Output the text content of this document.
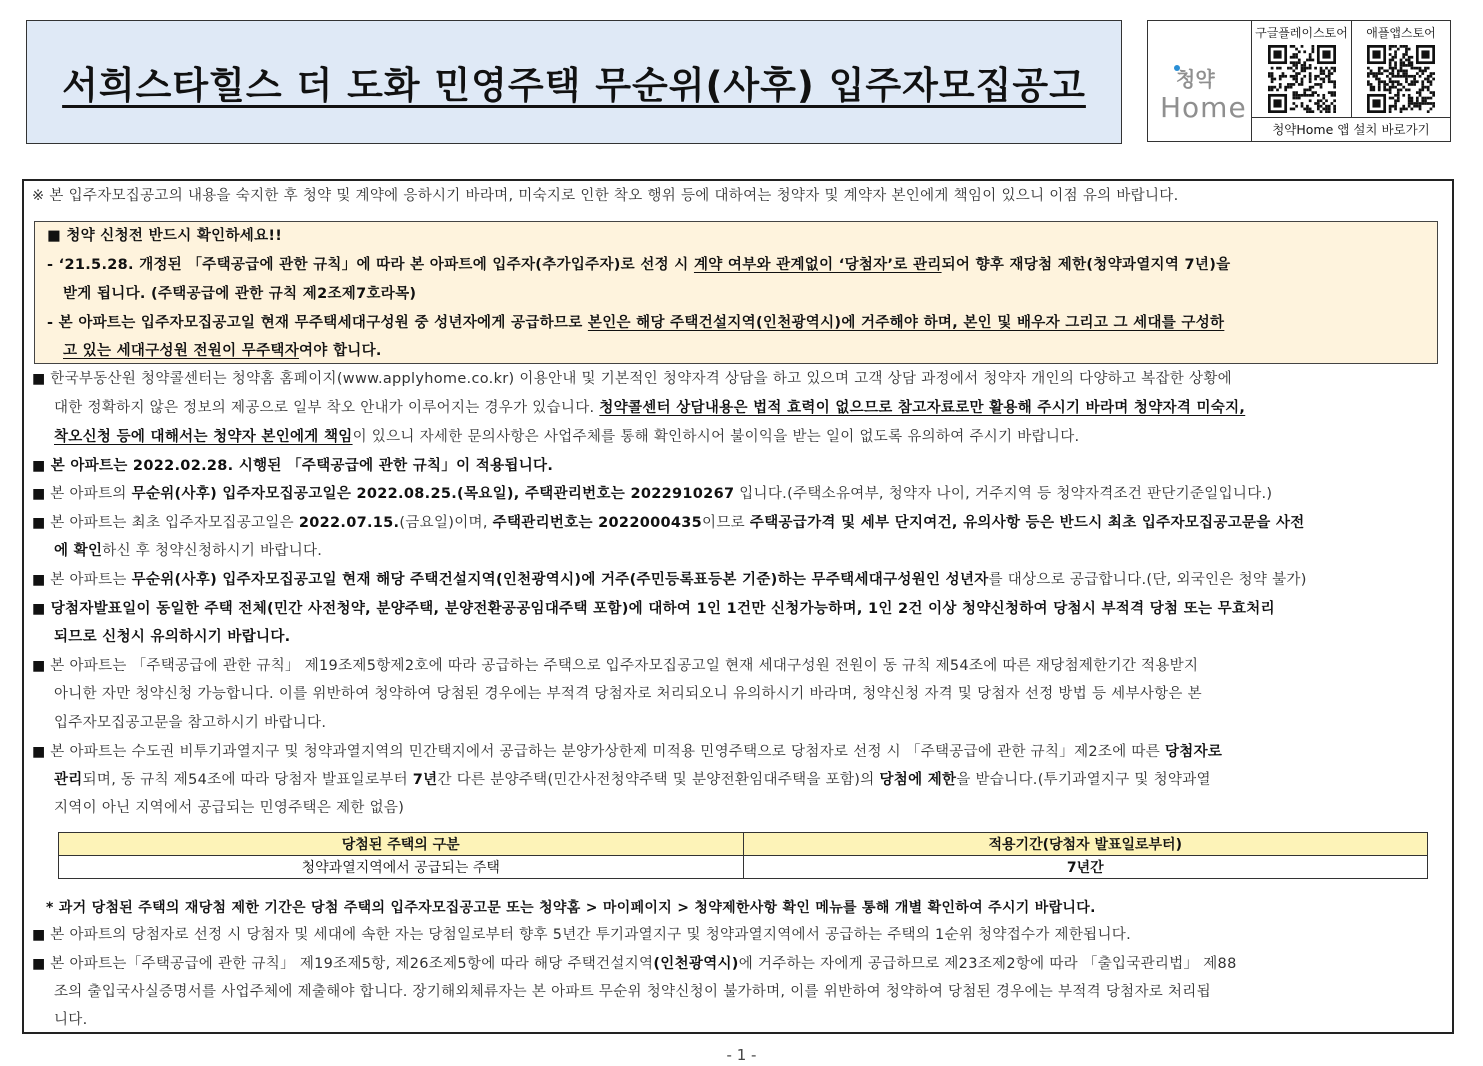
서희스타힐스 더 도화 민영주택 무순위(사후) 입주자모집공고	청약
Home
구글플레이스토어	애플앱스토어
청약Home 앱 설치 바로가기
※ 본 입주자모집공고의 내용을 숙지한 후 청약 및 계약에 응하시기 바라며, 미숙지로 인한 착오 행위 등에 대하여는 청약자 및 계약자 본인에게 책임이 있으니 이점 유의 바랍니다.
■ 청약 신청전 반드시 확인하세요!!
- ‘21.5.28. 개정된 「주택공급에 관한 규칙」에 따라 본 아파트에 입주자(추가입주자)로 선정 시 계약 여부와 관계없이 ‘당첨자’로 관리되어 향후 재당첨 제한(청약과열지역 7년)을
받게 됩니다. (주택공급에 관한 규칙 제2조제7호라목)
- 본 아파트는 입주자모집공고일 현재 무주택세대구성원 중 성년자에게 공급하므로 본인은 해당 주택건설지역(인천광역시)에 거주해야 하며, 본인 및 배우자 그리고 그 세대를 구성하
고 있는 세대구성원 전원이 무주택자여야 합니다.
■ 한국부동산원 청약콜센터는 청약홈 홈페이지(www.applyhome.co.kr) 이용안내 및 기본적인 청약자격 상담을 하고 있으며 고객 상담 과정에서 청약자 개인의 다양하고 복잡한 상황에
대한 정확하지 않은 정보의 제공으로 일부 착오 안내가 이루어지는 경우가 있습니다. 청약콜센터 상담내용은 법적 효력이 없으므로 참고자료로만 활용해 주시기 바라며 청약자격 미숙지,
착오신청 등에 대해서는 청약자 본인에게 책임이 있으니 자세한 문의사항은 사업주체를 통해 확인하시어 불이익을 받는 일이 없도록 유의하여 주시기 바랍니다.
■ 본 아파트는 2022.02.28. 시행된 「주택공급에 관한 규칙」이 적용됩니다.
■ 본 아파트의 무순위(사후) 입주자모집공고일은 2022.08.25.(목요일), 주택관리번호는 2022910267 입니다.(주택소유여부, 청약자 나이, 거주지역 등 청약자격조건 판단기준일입니다.)
■ 본 아파트는 최초 입주자모집공고일은 2022.07.15.(금요일)이며, 주택관리번호는 2022000435이므로 주택공급가격 및 세부 단지여건, 유의사항 등은 반드시 최초 입주자모집공고문을 사전
에 확인하신 후 청약신청하시기 바랍니다.
■ 본 아파트는 무순위(사후) 입주자모집공고일 현재 해당 주택건설지역(인천광역시)에 거주(주민등록표등본 기준)하는 무주택세대구성원인 성년자를 대상으로 공급합니다.(단, 외국인은 청약 불가)
■ 당첨자발표일이 동일한 주택 전체(민간 사전청약, 분양주택, 분양전환공공임대주택 포함)에 대하여 1인 1건만 신청가능하며, 1인 2건 이상 청약신청하여 당첨시 부적격 당첨 또는 무효처리
되므로 신청시 유의하시기 바랍니다.
■ 본 아파트는 「주택공급에 관한 규칙」 제19조제5항제2호에 따라 공급하는 주택으로 입주자모집공고일 현재 세대구성원 전원이 동 규칙 제54조에 따른 재당첨제한기간 적용받지
아니한 자만 청약신청 가능합니다. 이를 위반하여 청약하여 당첨된 경우에는 부적격 당첨자로 처리되오니 유의하시기 바라며, 청약신청 자격 및 당첨자 선정 방법 등 세부사항은 본
입주자모집공고문을 참고하시기 바랍니다.
■ 본 아파트는 수도권 비투기과열지구 및 청약과열지역의 민간택지에서 공급하는 분양가상한제 미적용 민영주택으로 당첨자로 선정 시 「주택공급에 관한 규칙」제2조에 따른 당첨자로
관리되며, 동 규칙 제54조에 따라 당첨자 발표일로부터 7년간 다른 분양주택(민간사전청약주택 및 분양전환임대주택을 포함)의 당첨에 제한을 받습니다.(투기과열지구 및 청약과열
지역이 아닌 지역에서 공급되는 민영주택은 제한 없음)
당첨된 주택의 구분	적용기간(당첨자 발표일로부터)
청약과열지역에서 공급되는 주택	7년간
* 과거 당첨된 주택의 재당첨 제한 기간은 당첨 주택의 입주자모집공고문 또는 청약홈 > 마이페이지 > 청약제한사항 확인 메뉴를 통해 개별 확인하여 주시기 바랍니다.
■ 본 아파트의 당첨자로 선정 시 당첨자 및 세대에 속한 자는 당첨일로부터 향후 5년간 투기과열지구 및 청약과열지역에서 공급하는 주택의 1순위 청약접수가 제한됩니다.
■ 본 아파트는「주택공급에 관한 규칙」 제19조제5항, 제26조제5항에 따라 해당 주택건설지역(인천광역시)에 거주하는 자에게 공급하므로 제23조제2항에 따라 「출입국관리법」 제88
조의 출입국사실증명서를 사업주체에 제출해야 합니다. 장기해외체류자는 본 아파트 무순위 청약신청이 불가하며, 이를 위반하여 청약하여 당첨된 경우에는 부적격 당첨자로 처리됩
니다.
- 1 -
